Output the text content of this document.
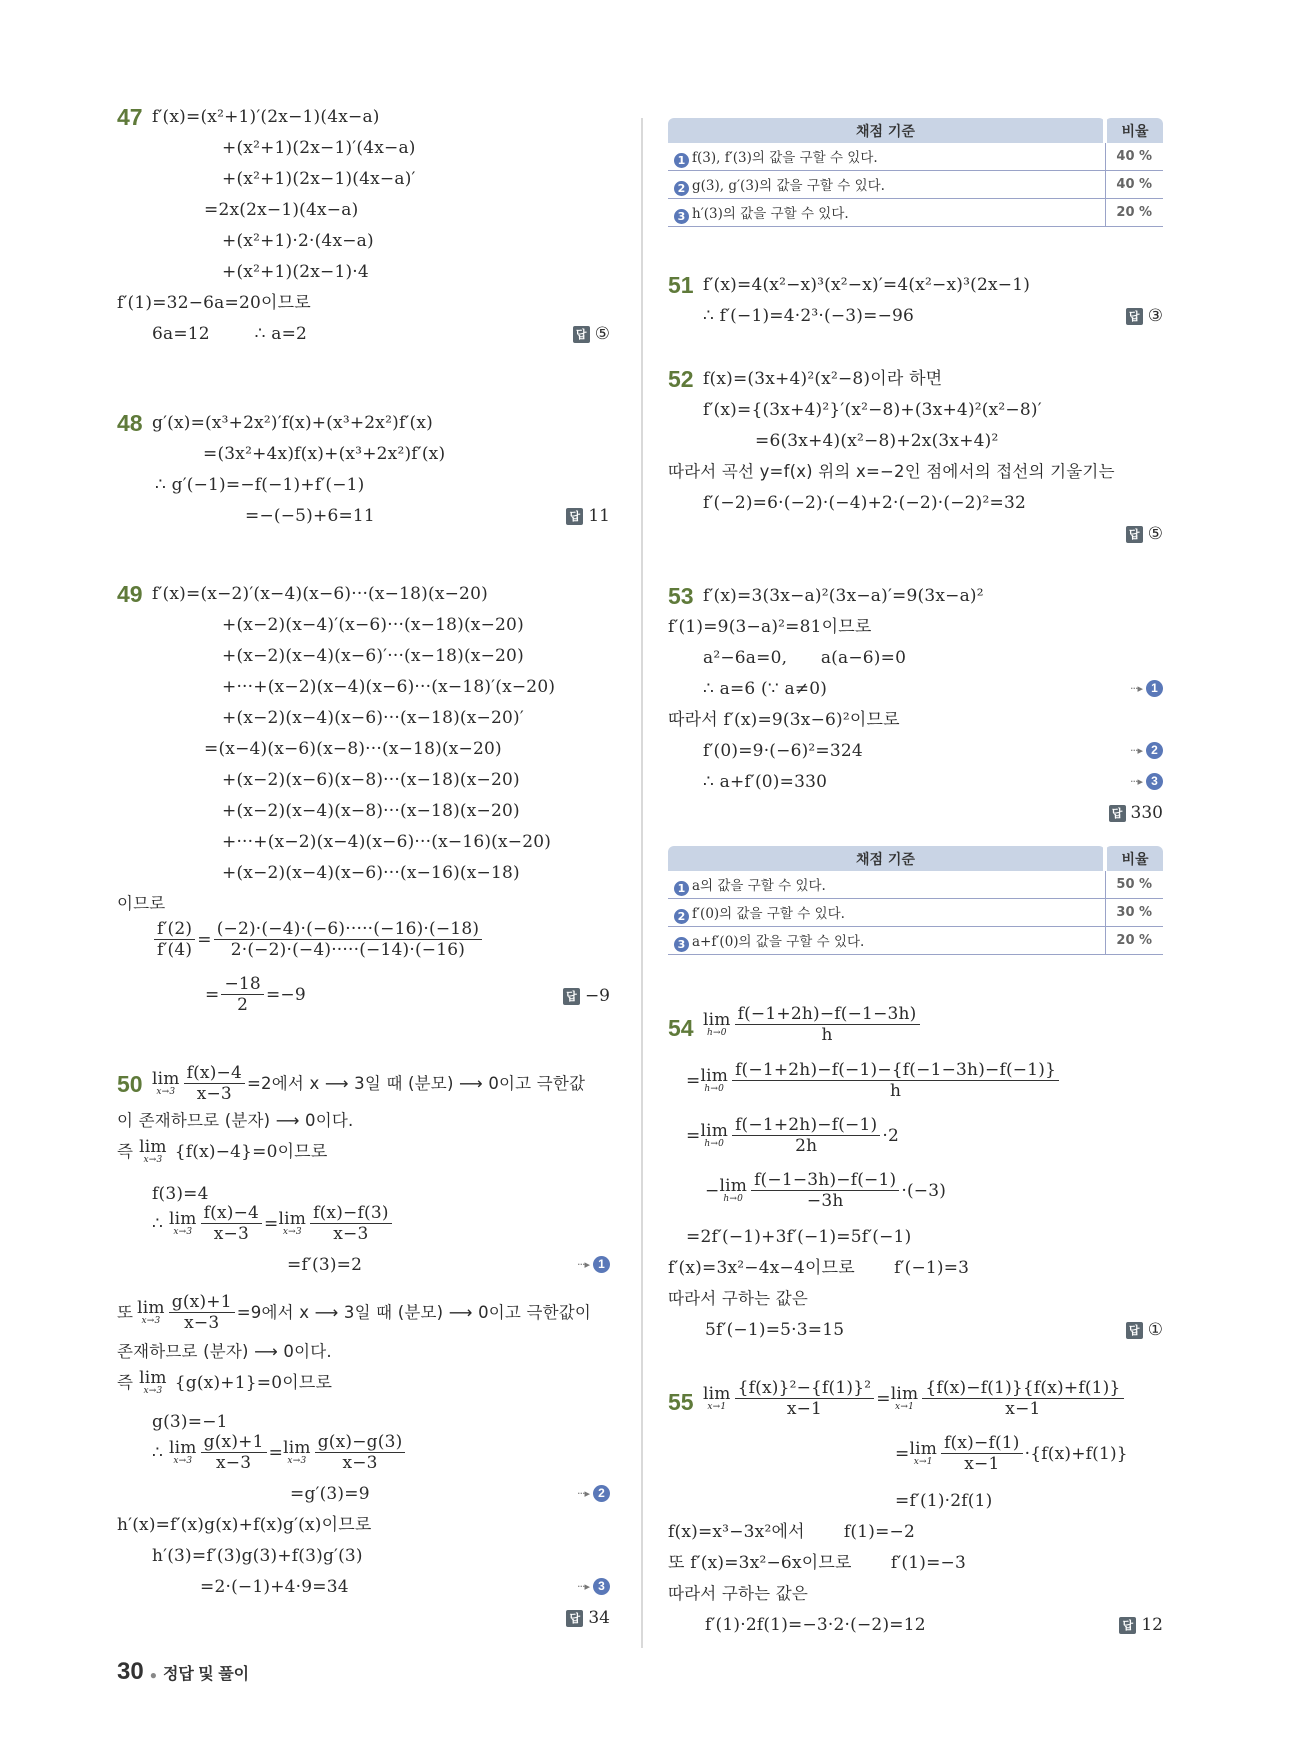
47 f′(x)=(x²+1)′(2x−1)(4x−a)
+(x²+1)(2x−1)′(4x−a)
+(x²+1)(2x−1)(4x−a)′
=2x(2x−1)(4x−a)
+(x²+1)·2·(4x−a)
+(x²+1)(2x−1)·4
f′(1)=32−6a=20이므로
6a=12        ∴ a=2	답 ⑤
48 g′(x)=(x³+2x²)′f(x)+(x³+2x²)f′(x)
=(3x²+4x)f(x)+(x³+2x²)f′(x)
∴ g′(−1)=−f(−1)+f′(−1)
=−(−5)+6=11	답 11
49 f′(x)=(x−2)′(x−4)(x−6)···(x−18)(x−20)
+(x−2)(x−4)′(x−6)···(x−18)(x−20)
+(x−2)(x−4)(x−6)′···(x−18)(x−20)
+···+(x−2)(x−4)(x−6)···(x−18)′(x−20)
+(x−2)(x−4)(x−6)···(x−18)(x−20)′
=(x−4)(x−6)(x−8)···(x−18)(x−20)
+(x−2)(x−6)(x−8)···(x−18)(x−20)
+(x−2)(x−4)(x−8)···(x−18)(x−20)
+···+(x−2)(x−4)(x−6)···(x−16)(x−20)
+(x−2)(x−4)(x−6)···(x−16)(x−18)
이므로
$\frac{f'(2)}{f'(4)} = \frac{(-2)\cdot(-4)\cdot(-6)\cdot\cdot\cdot\cdot\cdot(-16)\cdot(-18)}{2\cdot(-2)\cdot(-4)\cdot\cdot\cdot\cdot\cdot(-14)\cdot(-16)}$
= $\frac{-18}{2} =-9$	답 −9
50 lim
$x\to 3 \frac{f(x)-4}{x-3} =2$에서 x ⟶ 3일 때 (분모) ⟶ 0이고 극한값
이 존재하므로 (분자) ⟶ 0이다.
즉 lim
x→3 {f(x)−4}=0이므로
f(3)=4
∴ lim
$x\to 3 \frac{f(x)-4}{x-3} = \lim$
$x\to 3 \frac{f(x)-f(3)}{x-3}$
=f′(3)=2	···▸ 1
또 lim
$x\to 3 \frac{g(x)+1}{x-3} =9$에서 x ⟶ 3일 때 (분모) ⟶ 0이고 극한값이
존재하므로 (분자) ⟶ 0이다.
즉 lim
x→3 {g(x)+1}=0이므로
g(3)=−1
∴ lim
$x\to 3 \frac{g(x)+1}{x-3} = \lim$
$x\to 3 \frac{g(x)-g(3)}{x-3}$
=g′(3)=9	···▸ 2
h′(x)=f′(x)g(x)+f(x)g′(x)이므로
h′(3)=f′(3)g(3)+f(3)g′(3)
=2·(−1)+4·9=34	···▸ 3
답 34
채점 기준	비율
1 f(3), f′(3)의 값을 구할 수 있다.	40 %
2 g(3), g′(3)의 값을 구할 수 있다.	40 %
3 h′(3)의 값을 구할 수 있다.	20 %
51 f′(x)=4(x²−x)³(x²−x)′=4(x²−x)³(2x−1)
∴ f′(−1)=4·2³·(−3)=−96	답 ③
52 f(x)=(3x+4)²(x²−8)이라 하면
f′(x)={(3x+4)²}′(x²−8)+(3x+4)²(x²−8)′
=6(3x+4)(x²−8)+2x(3x+4)²
따라서 곡선 y=f(x) 위의 x=−2인 점에서의 접선의 기울기는
f′(−2)=6·(−2)·(−4)+2·(−2)·(−2)²=32
답 ⑤
53 f′(x)=3(3x−a)²(3x−a)′=9(3x−a)²
f′(1)=9(3−a)²=81이므로
a²−6a=0,      a(a−6)=0
∴ a=6 (∵ a≠0)	···▸ 1
따라서 f′(x)=9(3x−6)²이므로
f′(0)=9·(−6)²=324	···▸ 2
∴ a+f′(0)=330	···▸ 3
답 330
채점 기준	비율
1 a의 값을 구할 수 있다.	50 %
2 f′(0)의 값을 구할 수 있다.	30 %
3 a+f′(0)의 값을 구할 수 있다.	20 %
54 lim
$h\to 0 \frac{f(-1+2h)-f(-1-3h)}{h}$
= lim
$h\to 0 \frac{f(-1+2h)-f(-1)-\{f(-1-3h)-f(-1)\}}{h}$
= lim
$h\to 0 \frac{f(-1+2h)-f(-1)}{2h} \cdot 2$
− lim
$h\to 0 \frac{f(-1-3h)-f(-1)}{-3h} \cdot(-3)$
=2f′(−1)+3f′(−1)=5f′(−1)
f′(x)=3x²−4x−4이므로       f′(−1)=3
따라서 구하는 값은
5f′(−1)=5·3=15	답 ①
55 lim
$x\to 1 \frac{\text{\{f(x)\}²−\{f(1)\}²}}{x-1} = \lim$
$x\to 1 \frac{\{f(x)-f(1)\}\{f(x)+f(1)\}}{x-1}$
= lim
$x\to 1 \frac{f(x)-f(1)}{x-1} \cdot\{f(x)+f(1)\}$
=f′(1)·2f(1)
f(x)=x³−3x²에서       f(1)=−2
또 f′(x)=3x²−6x이므로       f′(1)=−3
따라서 구하는 값은
f′(1)·2f(1)=−3·2·(−2)=12	답 12
30 ● 정답 및 풀이
